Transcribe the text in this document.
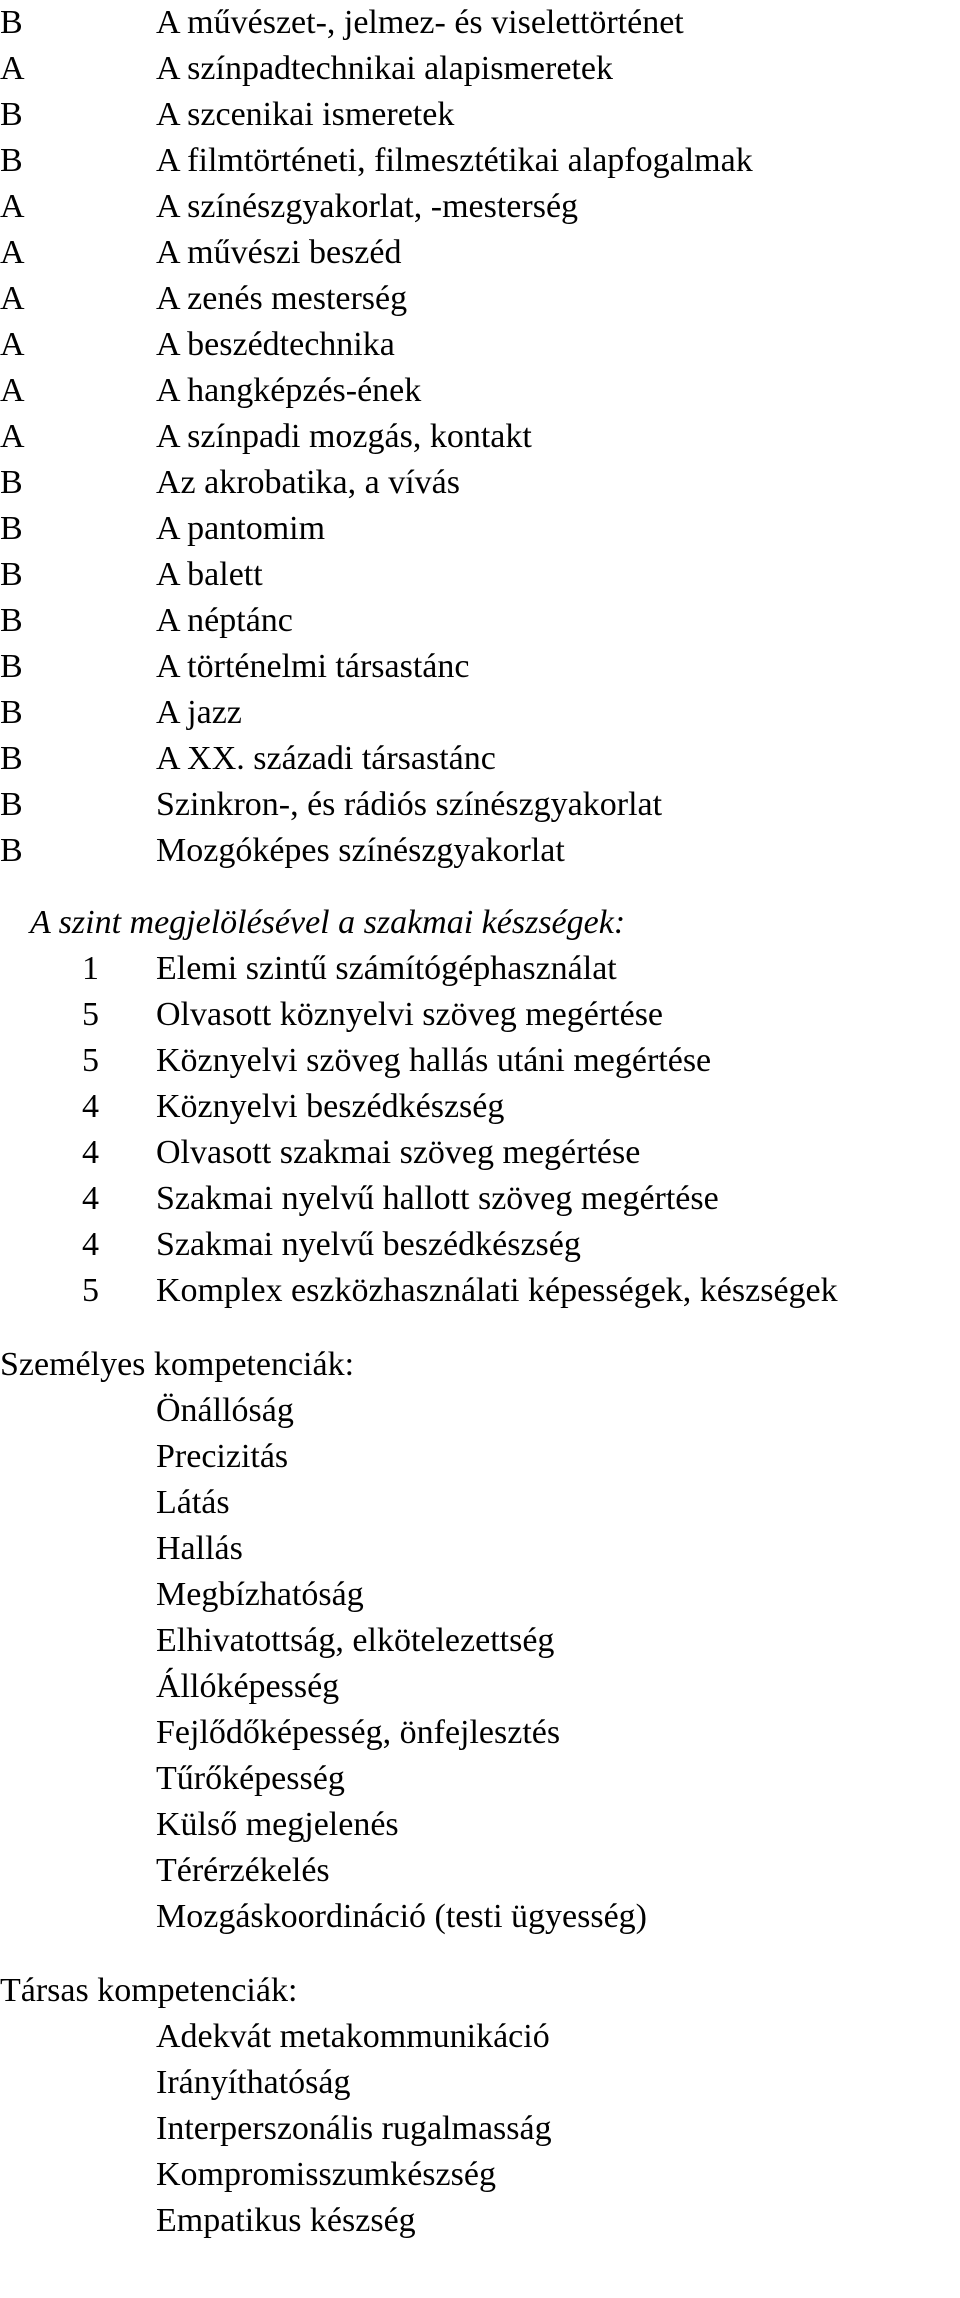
B	A művészet-, jelmez- és viselettörténet
A	A színpadtechnikai alapismeretek
B	A szcenikai ismeretek
B	A filmtörténeti, filmesztétikai alapfogalmak
A	A színészgyakorlat, -mesterség
A	A művészi beszéd
A	A zenés mesterség
A	A beszédtechnika
A	A hangképzés-ének
A	A színpadi mozgás, kontakt
B	Az akrobatika, a vívás
B	A pantomim
B	A balett
B	A néptánc
B	A történelmi társastánc
B	A jazz
B	A XX. századi társastánc
B	Szinkron-, és rádiós színészgyakorlat
B	Mozgóképes színészgyakorlat
A szint megjelölésével a szakmai készségek:
1	Elemi szintű számítógéphasználat
5	Olvasott köznyelvi szöveg megértése
5	Köznyelvi szöveg hallás utáni megértése
4	Köznyelvi beszédkészség
4	Olvasott szakmai szöveg megértése
4	Szakmai nyelvű hallott szöveg megértése
4	Szakmai nyelvű beszédkészség
5	Komplex eszközhasználati képességek, készségek
Személyes kompetenciák:
Önállóság
Precizitás
Látás
Hallás
Megbízhatóság
Elhivatottság, elkötelezettség
Állóképesség
Fejlődőképesség, önfejlesztés
Tűrőképesség
Külső megjelenés
Térérzékelés
Mozgáskoordináció (testi ügyesség)
Társas kompetenciák:
Adekvát metakommunikáció
Irányíthatóság
Interperszonális rugalmasság
Kompromisszumkészség
Empatikus készség
